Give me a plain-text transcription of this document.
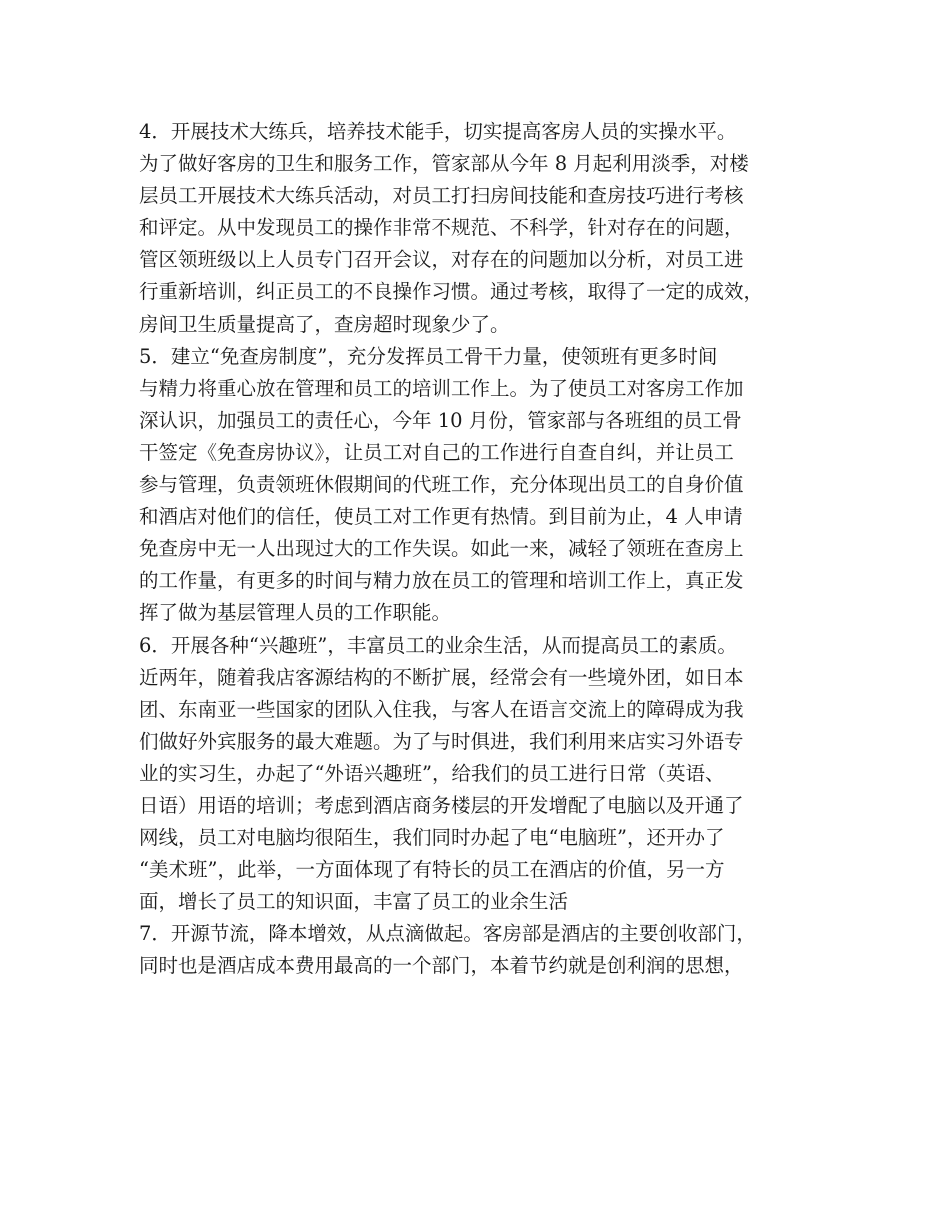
4．开展技术大练兵，培养技术能手，切实提高客房人员的实操水平。
为了做好客房的卫生和服务工作，管家部从今年 8 月起利用淡季，对楼
层员工开展技术大练兵活动，对员工打扫房间技能和查房技巧进行考核
和评定。从中发现员工的操作非常不规范、不科学，针对存在的问题，
管区领班级以上人员专门召开会议，对存在的问题加以分析，对员工进
行重新培训，纠正员工的不良操作习惯。通过考核，取得了一定的成效，
房间卫生质量提高了，查房超时现象少了。
5．建立“免查房制度”，充分发挥员工骨干力量，使领班有更多时间
与精力将重心放在管理和员工的培训工作上。为了使员工对客房工作加
深认识，加强员工的责任心，今年 10 月份，管家部与各班组的员工骨
干签定《免查房协议》，让员工对自己的工作进行自查自纠，并让员工
参与管理，负责领班休假期间的代班工作，充分体现出员工的自身价值
和酒店对他们的信任，使员工对工作更有热情。到目前为止，4 人申请
免查房中无一人出现过大的工作失误。如此一来，减轻了领班在查房上
的工作量，有更多的时间与精力放在员工的管理和培训工作上，真正发
挥了做为基层管理人员的工作职能。
6．开展各种“兴趣班”，丰富员工的业余生活，从而提高员工的素质。
近两年，随着我店客源结构的不断扩展，经常会有一些境外团，如日本
团、东南亚一些国家的团队入住我，与客人在语言交流上的障碍成为我
们做好外宾服务的最大难题。为了与时俱进，我们利用来店实习外语专
业的实习生，办起了“外语兴趣班”，给我们的员工进行日常（英语、
日语）用语的培训；考虑到酒店商务楼层的开发增配了电脑以及开通了
网线，员工对电脑均很陌生，我们同时办起了电“电脑班”，还开办了
“美术班”，此举，一方面体现了有特长的员工在酒店的价值，另一方
面，增长了员工的知识面，丰富了员工的业余生活
7．开源节流，降本增效，从点滴做起。客房部是酒店的主要创收部门，
同时也是酒店成本费用最高的一个部门，本着节约就是创利润的思想，
